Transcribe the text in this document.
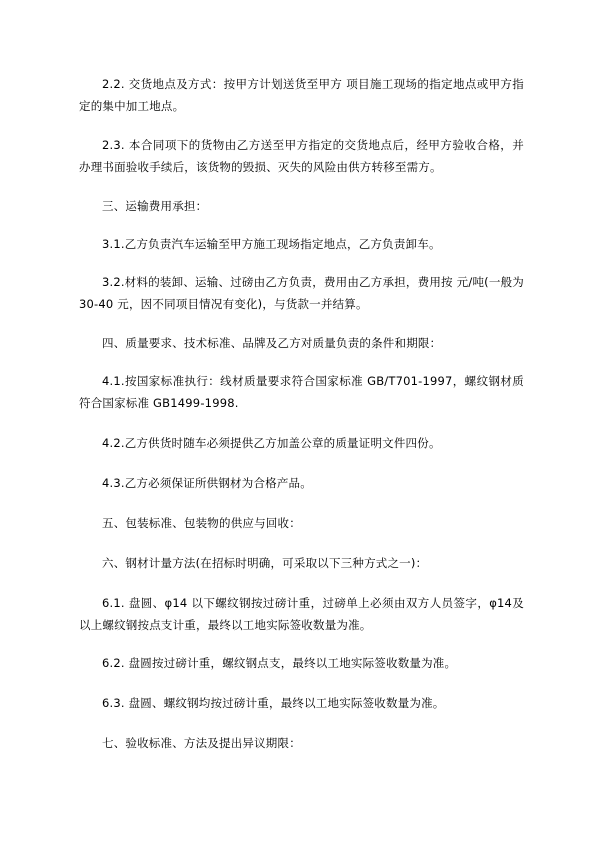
2.2. 交货地点及方式：按甲方计划送货至甲方 项目施工现场的指定地点或甲方指定的集中加工地点。

2.3. 本合同项下的货物由乙方送至甲方指定的交货地点后，经甲方验收合格，并办理书面验收手续后，该货物的毁损、灭失的风险由供方转移至需方。

三、运输费用承担：

3.1.乙方负责汽车运输至甲方施工现场指定地点，乙方负责卸车。

3.2.材料的装卸、运输、过磅由乙方负责，费用由乙方承担，费用按 元/吨(一般为 30-40 元，因不同项目情况有变化)，与货款一并结算。

四、质量要求、技术标准、品牌及乙方对质量负责的条件和期限：

4.1.按国家标准执行：线材质量要求符合国家标准 GB/T701-1997，螺纹钢材质符合国家标准 GB1499-1998.

4.2.乙方供货时随车必须提供乙方加盖公章的质量证明文件四份。

4.3.乙方必须保证所供钢材为合格产品。

五、包装标准、包装物的供应与回收：

六、钢材计量方法(在招标时明确，可采取以下三种方式之一)：

6.1. 盘圆、φ14 以下螺纹钢按过磅计重，过磅单上必须由双方人员签字，φ14及以上螺纹钢按点支计重，最终以工地实际签收数量为准。

6.2. 盘圆按过磅计重，螺纹钢点支，最终以工地实际签收数量为准。

6.3. 盘圆、螺纹钢均按过磅计重，最终以工地实际签收数量为准。

七、验收标准、方法及提出异议期限：
